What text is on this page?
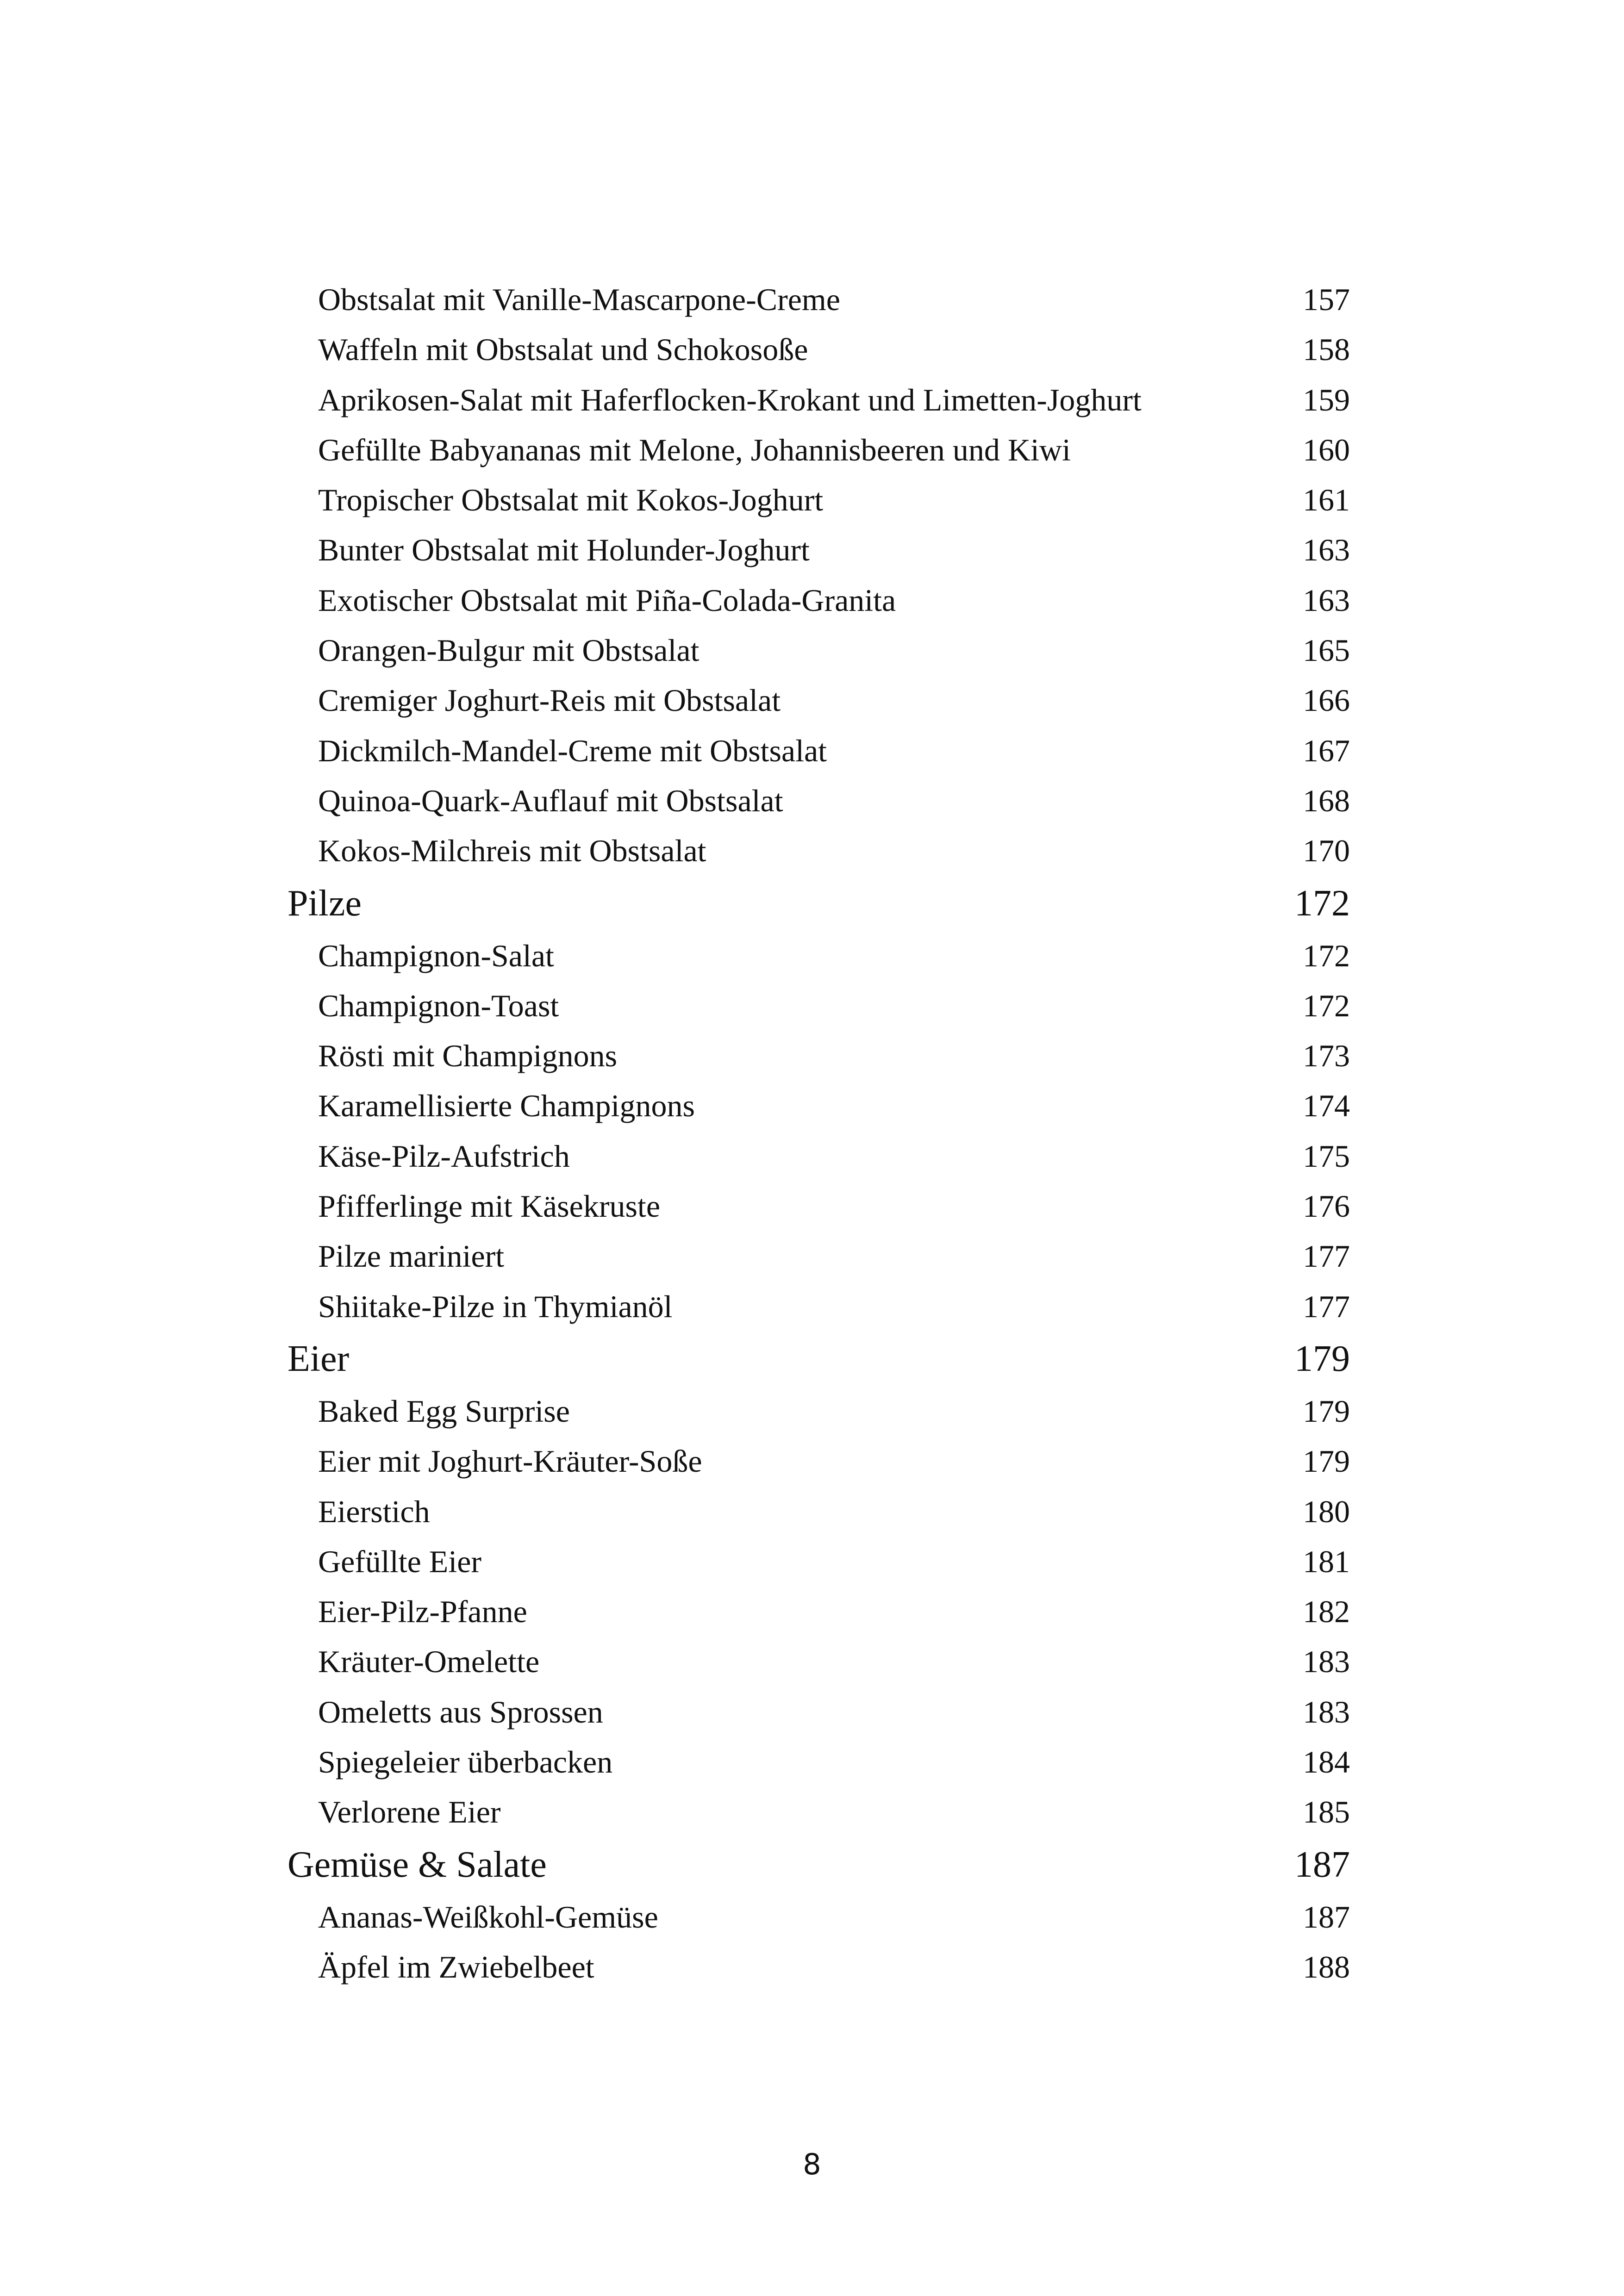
Obstsalat mit Vanille-Mascarpone-Creme	157
Waffeln mit Obstsalat und Schokosoße	158
Aprikosen-Salat mit Haferflocken-Krokant und Limetten-Joghurt	159
Gefüllte Babyananas mit Melone, Johannisbeeren und Kiwi	160
Tropischer Obstsalat mit Kokos-Joghurt	161
Bunter Obstsalat mit Holunder-Joghurt	163
Exotischer Obstsalat mit Piña-Colada-Granita	163
Orangen-Bulgur mit Obstsalat	165
Cremiger Joghurt-Reis mit Obstsalat	166
Dickmilch-Mandel-Creme mit Obstsalat	167
Quinoa-Quark-Auflauf mit Obstsalat	168
Kokos-Milchreis mit Obstsalat	170
Pilze	172
Champignon-Salat	172
Champignon-Toast	172
Rösti mit Champignons	173
Karamellisierte Champignons	174
Käse-Pilz-Aufstrich	175
Pfifferlinge mit Käsekruste	176
Pilze mariniert	177
Shiitake-Pilze in Thymianöl	177
Eier	179
Baked Egg Surprise	179
Eier mit Joghurt-Kräuter-Soße	179
Eierstich	180
Gefüllte Eier	181
Eier-Pilz-Pfanne	182
Kräuter-Omelette	183
Omeletts aus Sprossen	183
Spiegeleier überbacken	184
Verlorene Eier	185
Gemüse & Salate	187
Ananas-Weißkohl-Gemüse	187
Äpfel im Zwiebelbeet	188
8
